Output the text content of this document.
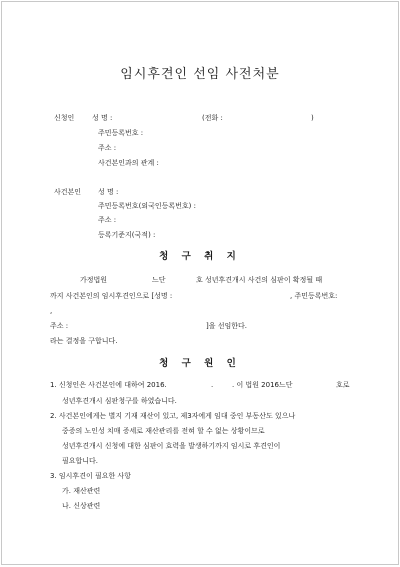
임시후견인 선임 사전처분
신청인	성 명 :	(전화 :	)
주민등록번호 :
주소 :
사건본인과의 관계 :
사건본인 성 명 :
주민등록번호(외국인등록번호) :
주소 :
등록기준지(국적) :
청 구 취 지
가정법원	느단	호 성년후견개시 사건의 심판이 확정될 때
까지 사건본인의 임시후견인으로 [성명 :	, 주민등록번호:
,
주소 :	]을 선임한다.
라는 결정을 구합니다.
청 구 원 인
1. 신청인은 사건본인에 대하여 2016.	.	. 이 법원 2016느단	호로
성년후견개시 심판청구를 하였습니다.
2. 사건본인에게는 별지 기재 재산이 있고, 제3자에게 임대 중인 부동산도 있으나
중증의 노인성 치매 증세로 재산관리를 전혀 할 수 없는 상황이므로
성년후견개시 신청에 대한 심판이 효력을 발생하기까지 임시로 후견인이
필요합니다.
3. 임시후견이 필요한 사항
가. 재산관련
나. 신상관련
